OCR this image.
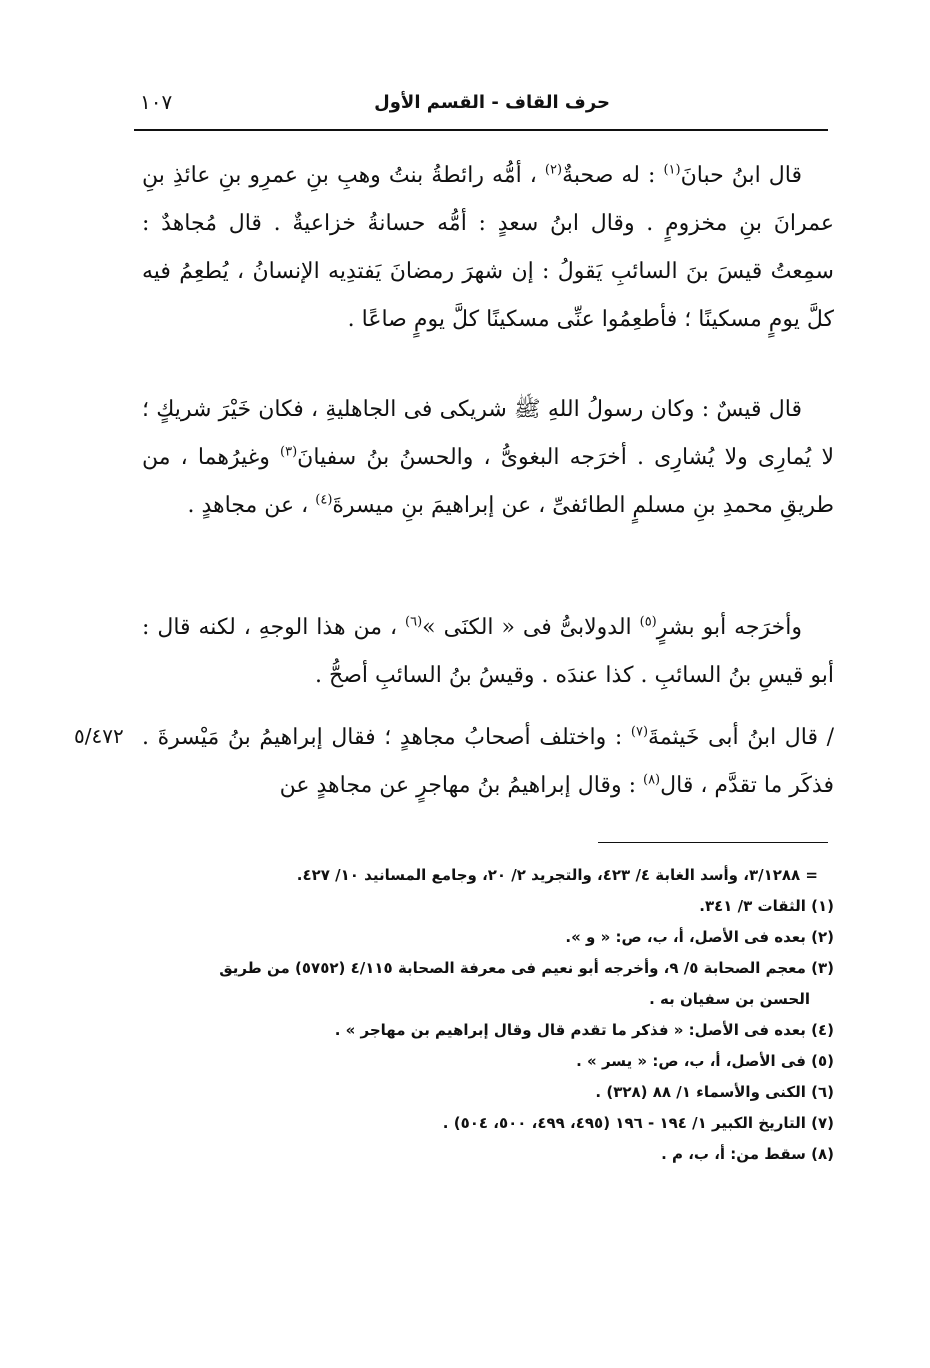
حرف القاف - القسم الأول
١٠٧

قال ابنُ حبانَ$^{(١)}$ : له صحبةٌ$^{(٢)}$ ، أمُّه رائطةُ بنتُ وهبِ بنِ عمرِو بنِ عائذِ بنِ عمرانَ بنِ مخزومٍ . وقال ابنُ سعدٍ : أمُّه حسانةُ خزاعيةٌ . قال مُجاهدٌ : سمِعتُ قيسَ بنَ السائبِ يَقولُ : إن شهرَ رمضانَ يَفتدِيه الإنسانُ ، يُطعِمُ فيه كلَّ يومٍ مسكينًا ؛ فأطعِمُوا عنِّى مسكينًا كلَّ يومٍ صاعًا .

قال قيسٌ : وكان رسولُ اللهِ ﷺ شريكى فى الجاهليةِ ، فكان خَيْرَ شريكٍ ؛ لا يُمارِى ولا يُشارِى . أخرَجه البغوىُّ ، والحسنُ بنُ سفيانَ$^{(٣)}$ وغيرُهما ، من طريقِ محمدِ بنِ مسلمٍ الطائفىِّ ، عن إبراهيمَ بنِ ميسرةَ$^{(٤)}$ ، عن مجاهدٍ .

وأخرَجه أبو بشرٍ$^{(٥)}$ الدولابىُّ فى « الكنَى »$^{(٦)}$ ، من هذا الوجهِ ، لكنه قال : أبو قيسِ بنُ السائبِ . كذا عندَه . وقيسُ بنُ السائبِ أصحُّ .

/ قال ابنُ أبى خَيثمةَ$^{(٧)}$ : واختلف أصحابُ مجاهدٍ ؛ فقال إبراهيمُ بنُ مَيْسرةَ . فذكَر ما تقدَّم ، قال$^{(٨)}$ : وقال إبراهيمُ بنُ مهاجرٍ عن مجاهدٍ عن

٥/٤٧٢

= ٣/١٢٨٨، وأسد الغابة ٤/ ٤٢٣، والتجريد ٢/ ٢٠، وجامع المسانيد ١٠/ ٤٢٧.

(١) الثقات ٣/ ٣٤١.

(٢) بعده فى الأصل، أ، ب، ص: « و ».

(٣) معجم الصحابة ٥/ ٩، وأخرجه أبو نعيم فى معرفة الصحابة ٤/١١٥ (٥٧٥٢) من طريق

الحسن بن سفيان به .

(٤) بعده فى الأصل: « فذكر ما تقدم قال وقال إبراهيم بن مهاجر » .

(٥) فى الأصل، أ، ب، ص: « يسر » .

(٦) الكنى والأسماء ١/ ٨٨ (٣٢٨) .

(٧) التاريخ الكبير ١/ ١٩٤ - ١٩٦ (٤٩٥، ٤٩٩، ٥٠٠، ٥٠٤) .

(٨) سقط من: أ، ب، م .
